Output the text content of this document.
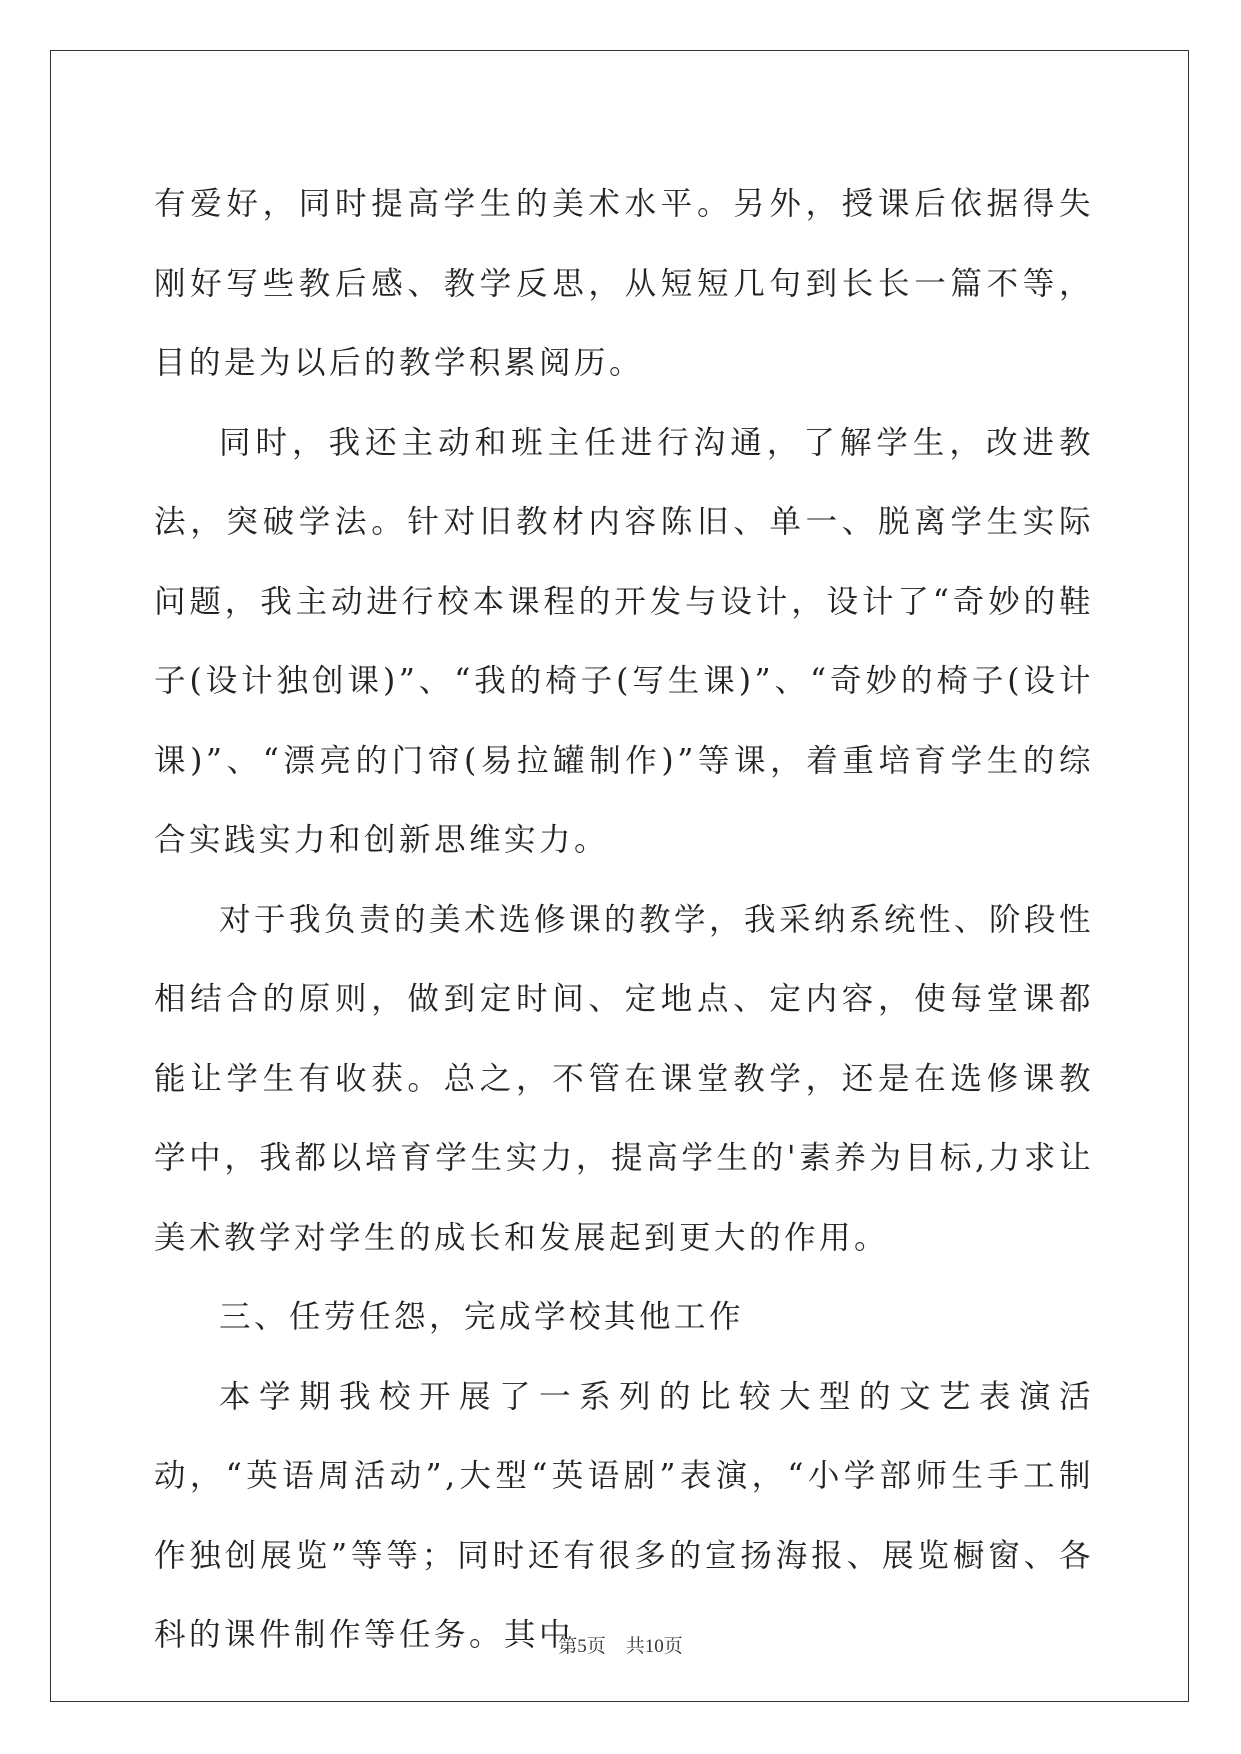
有爱好，同时提高学生的美术水平。另外，授课后依据得失刚好写些教后感、教学反思，从短短几句到长长一篇不等，目的是为以后的教学积累阅历。

同时，我还主动和班主任进行沟通，了解学生，改进教法，突破学法。针对旧教材内容陈旧、单一、脱离学生实际问题，我主动进行校本课程的开发与设计，设计了“奇妙的鞋子(设计独创课)”、“我的椅子(写生课)”、“奇妙的椅子(设计课)”、“漂亮的门帘(易拉罐制作)”等课，着重培育学生的综合实践实力和创新思维实力。

对于我负责的美术选修课的教学，我采纳系统性、阶段性相结合的原则，做到定时间、定地点、定内容，使每堂课都能让学生有收获。总之，不管在课堂教学，还是在选修课教学中，我都以培育学生实力，提高学生的'素养为目标,力求让美术教学对学生的成长和发展起到更大的作用。

三、任劳任怨，完成学校其他工作

本学期我校开展了一系列的比较大型的文艺表演活动，“英语周活动”,大型“英语剧”表演，“小学部师生手工制作独创展览”等等；同时还有很多的宣扬海报、展览橱窗、各科的课件制作等任务。其中

第5页 共10页
